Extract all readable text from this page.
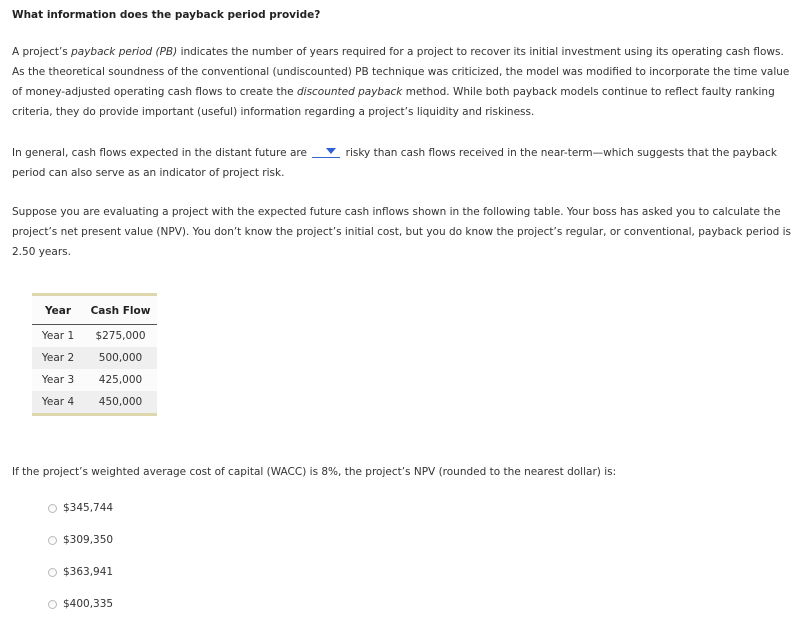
What information does the payback period provide?
A project’s payback period (PB) indicates the number of years required for a project to recover its initial investment using its operating cash flows. As the theoretical soundness of the conventional (undiscounted) PB technique was criticized, the model was modified to incorporate the time value of money-adjusted operating cash flows to create the discounted payback method. While both payback models continue to reflect faulty ranking criteria, they do provide important (useful) information regarding a project’s liquidity and riskiness.
In general, cash flows expected in the distant future are	risky than cash flows received in the near-term—which suggests that the payback period can also serve as an indicator of project risk.
Suppose you are evaluating a project with the expected future cash inflows shown in the following table. Your boss has asked you to calculate the project’s net present value (NPV). You don’t know the project’s initial cost, but you do know the project’s regular, or conventional, payback period is 2.50 years.
Year	Cash Flow
Year 1	$275,000
Year 2	500,000
Year 3	425,000
Year 4	450,000
If the project’s weighted average cost of capital (WACC) is 8%, the project’s NPV (rounded to the nearest dollar) is:
$345,744
$309,350
$363,941
$400,335
